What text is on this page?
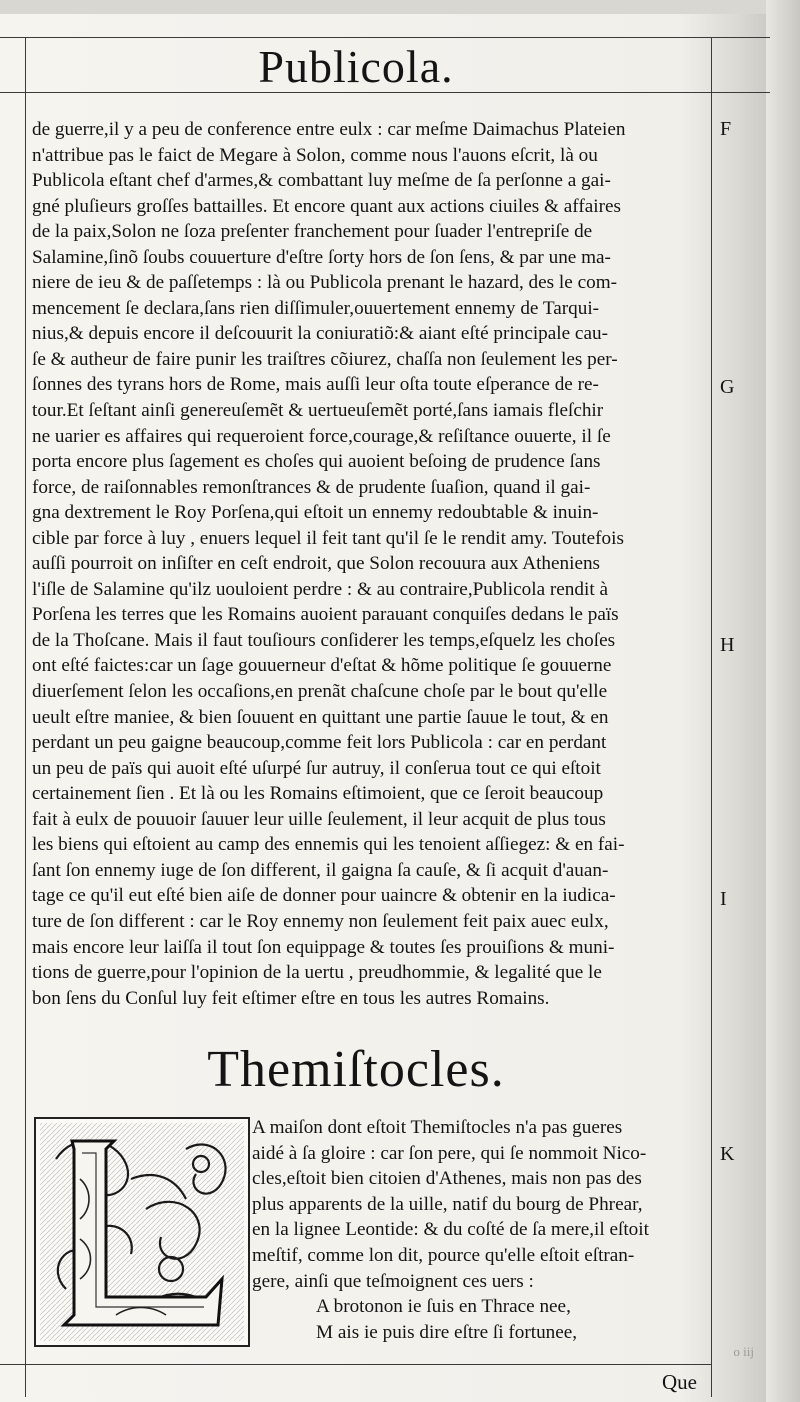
Publicola.
de guerre,il y a peu de conference entre eulx : car meſme Daimachus Plateien
n'attribue pas le faict de Megare à Solon, comme nous l'auons eſcrit, là ou
Publicola eſtant chef d'armes,& combattant luy meſme de ſa perſonne a gai-
gné pluſieurs groſſes battailles. Et encore quant aux actions ciuiles & affaires
de la paix,Solon ne ſoza preſenter franchement pour ſuader l'entrepriſe de
Salamine,ſinõ ſoubs couuerture d'eſtre ſorty hors de ſon ſens, & par une ma-
niere de ieu & de paſſetemps : là ou Publicola prenant le hazard, des le com-
mencement ſe declara,ſans rien diſſimuler,ouuertement ennemy de Tarqui-
nius,& depuis encore il deſcouurit la coniuratiõ:& aiant eſté principale cau-
ſe & autheur de faire punir les traiſtres cõiurez, chaſſa non ſeulement les per-
ſonnes des tyrans hors de Rome, mais auſſi leur oſta toute eſperance de re-
tour.Et ſeſtant ainſi genereuſemẽt & uertueuſemẽt porté,ſans iamais fleſchir
ne uarier es affaires qui requeroient force,courage,& reſiſtance ouuerte, il ſe
porta encore plus ſagement es choſes qui auoient beſoing de prudence ſans
force, de raiſonnables remonſtrances & de prudente ſuaſion, quand il gai-
gna dextrement le Roy Porſena,qui eſtoit un ennemy redoubtable & inuin-
cible par force à luy , enuers lequel il feit tant qu'il ſe le rendit amy. Toutefois
auſſi pourroit on inſiſter en ceſt endroit, que Solon recouura aux Atheniens
l'iſle de Salamine qu'ilz uouloient perdre : & au contraire,Publicola rendit à
Porſena les terres que les Romains auoient parauant conquiſes dedans le païs
de la Thoſcane. Mais il faut touſiours conſiderer les temps,eſquelz les choſes
ont eſté faictes:car un ſage gouuerneur d'eſtat & hõme politique ſe gouuerne
diuerſement ſelon les occaſions,en prenãt chaſcune choſe par le bout qu'elle
ueult eſtre maniee, & bien ſouuent en quittant une partie ſauue le tout, & en
perdant un peu gaigne beaucoup,comme feit lors Publicola : car en perdant
un peu de païs qui auoit eſté uſurpé ſur autruy, il conſerua tout ce qui eſtoit
certainement ſien . Et là ou les Romains eſtimoient, que ce ſeroit beaucoup
fait à eulx de pouuoir ſauuer leur uille ſeulement, il leur acquit de plus tous
les biens qui eſtoient au camp des ennemis qui les tenoient aſſiegez: & en fai-
ſant ſon ennemy iuge de ſon different, il gaigna ſa cauſe, & ſi acquit d'auan-
tage ce qu'il eut eſté bien aiſe de donner pour uaincre & obtenir en la iudica-
ture de ſon different : car le Roy ennemy non ſeulement feit paix auec eulx,
mais encore leur laiſſa il tout ſon equippage & toutes ſes prouiſions & muni-
tions de guerre,pour l'opinion de la uertu , preudhommie, & legalité que le
bon ſens du Conſul luy feit eſtimer eſtre en tous les autres Romains.
F
G
H
I
K
Themiſtocles.
A maiſon dont eſtoit Themiſtocles n'a pas gueres
aidé à ſa gloire : car ſon pere, qui ſe nommoit Nico-
cles,eſtoit bien citoien d'Athenes, mais non pas des
plus apparents de la uille, natif du bourg de Phrear,
en la lignee Leontide: & du coſté de ſa mere,il eſtoit
meſtif, comme lon dit, pource qu'elle eſtoit eſtran-
gere, ainſi que teſmoignent ces uers :
A brotonon ie ſuis en Thrace nee,
M ais ie puis dire eſtre ſi fortunee,
o iij
Que
